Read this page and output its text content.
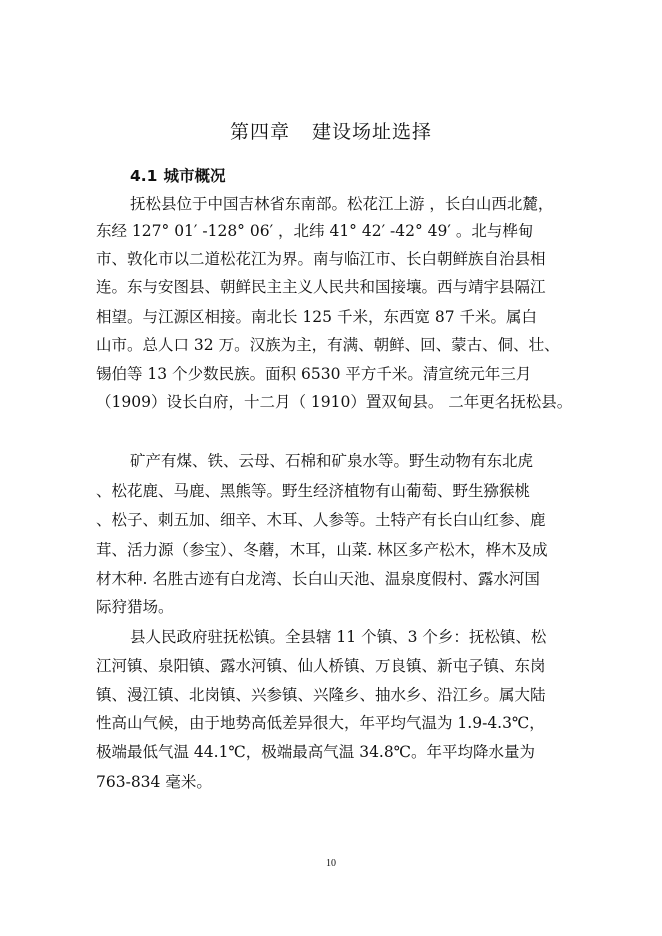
第四章 建设场址选择
4.1 城市概况

抚松县位于中国吉林省东南部。松花江上游 ，长白山西北麓，

东经 127° 01′ -128° 06′ ，北纬 41° 42′ -42° 49′ 。北与桦甸

市、敦化市以二道松花江为界。南与临江市、长白朝鲜族自治县相

连。东与安图县、朝鲜民主主义人民共和国接壤。西与靖宇县隔江

相望。与江源区相接。南北长 125 千米，东西宽 87 千米。属白

山市。总人口 32 万。汉族为主，有满、朝鲜、回、蒙古、侗、壮、

锡伯等 13 个少数民族。面积 6530 平方千米。清宣统元年三月

（1909）设长白府，十二月（ 1910）置双甸县。 二年更名抚松县。

矿产有煤、铁、云母、石棉和矿泉水等。野生动物有东北虎

、松花鹿、马鹿、黑熊等。野生经济植物有山葡萄、野生猕猴桃

、松子、刺五加、细辛、木耳、人参等。土特产有长白山红参、鹿

茸、活力源（参宝）、冬蘑，木耳，山菜. 林区多产松木，桦木及成

材木种. 名胜古迹有白龙湾、长白山天池、温泉度假村、露水河国

际狩猎场。

县人民政府驻抚松镇。全县辖 11 个镇、3 个乡：抚松镇、松

江河镇、泉阳镇、露水河镇、仙人桥镇、万良镇、新屯子镇、东岗

镇、漫江镇、北岗镇、兴参镇、兴隆乡、抽水乡、沿江乡。属大陆

性高山气候，由于地势高低差异很大，年平均气温为 1.9-4.3℃，

极端最低气温 44.1℃，极端最高气温 34.8℃。年平均降水量为

763-834 毫米。

10
